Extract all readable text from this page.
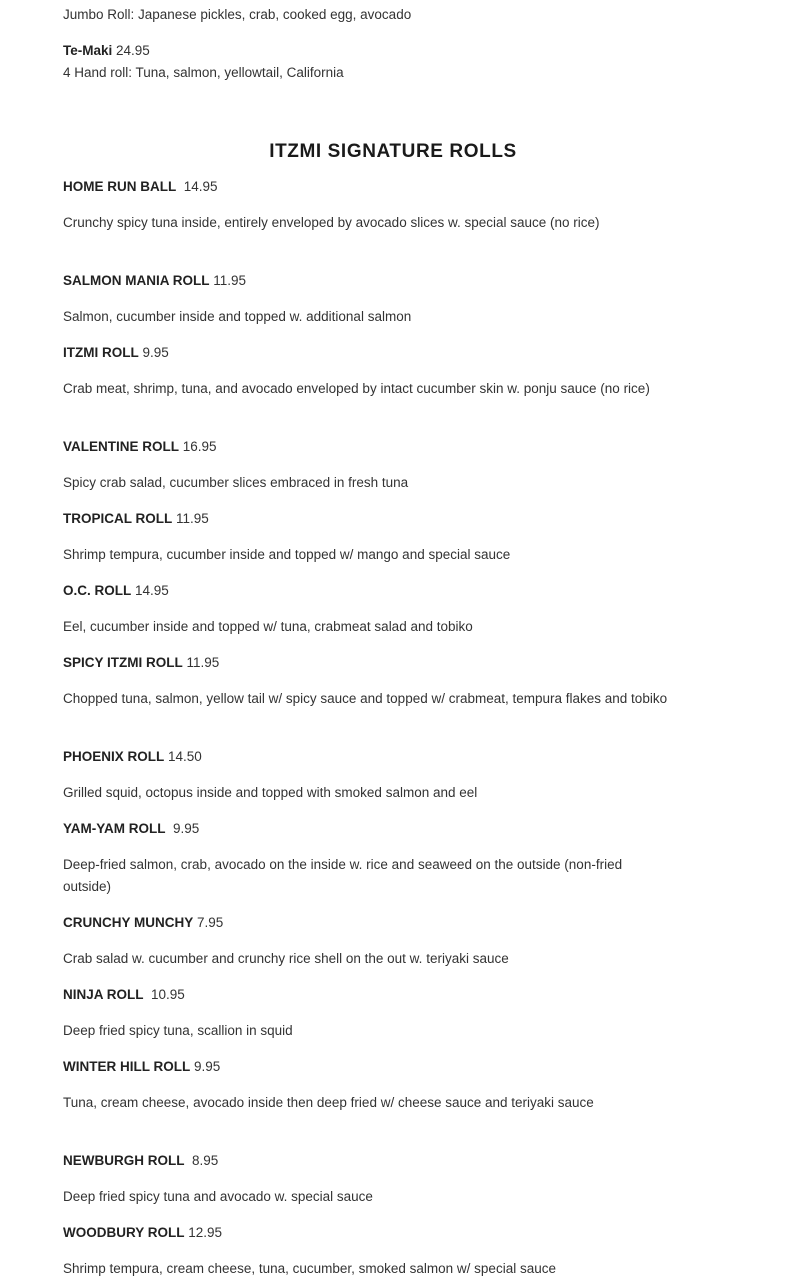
Jumbo Roll: Japanese pickles, crab, cooked egg, avocado
Te-Maki 24.95
4 Hand roll: Tuna, salmon, yellowtail, California
HOME RUN BALL 14.95
Crunchy spicy tuna inside, entirely enveloped by avocado slices w. special sauce (no rice)
SALMON MANIA ROLL 11.95
Salmon, cucumber inside and topped w. additional salmon
ITZMI ROLL 9.95
Crab meat, shrimp, tuna, and avocado enveloped by intact cucumber skin w. ponju sauce (no rice)
VALENTINE ROLL 16.95
Spicy crab salad, cucumber slices embraced in fresh tuna
TROPICAL ROLL 11.95
Shrimp tempura, cucumber inside and topped w/ mango and special sauce
O.C. ROLL 14.95
Eel, cucumber inside and topped w/ tuna, crabmeat salad and tobiko
SPICY ITZMI ROLL 11.95
Chopped tuna, salmon, yellow tail w/ spicy sauce and topped w/ crabmeat, tempura flakes and tobiko
PHOENIX ROLL 14.50
Grilled squid, octopus inside and topped with smoked salmon and eel
YAM-YAM ROLL 9.95
Deep-fried salmon, crab, avocado on the inside w. rice and seaweed on the outside (non-fried outside)
CRUNCHY MUNCHY 7.95
Crab salad w. cucumber and crunchy rice shell on the out w. teriyaki sauce
NINJA ROLL 10.95
Deep fried spicy tuna, scallion in squid
WINTER HILL ROLL 9.95
Tuna, cream cheese, avocado inside then deep fried w/ cheese sauce and teriyaki sauce
NEWBURGH ROLL 8.95
Deep fried spicy tuna and avocado w. special sauce
WOODBURY ROLL 12.95
Shrimp tempura, cream cheese, tuna, cucumber, smoked salmon w/ special sauce
ITZMI SIGNATURE ROLLS
